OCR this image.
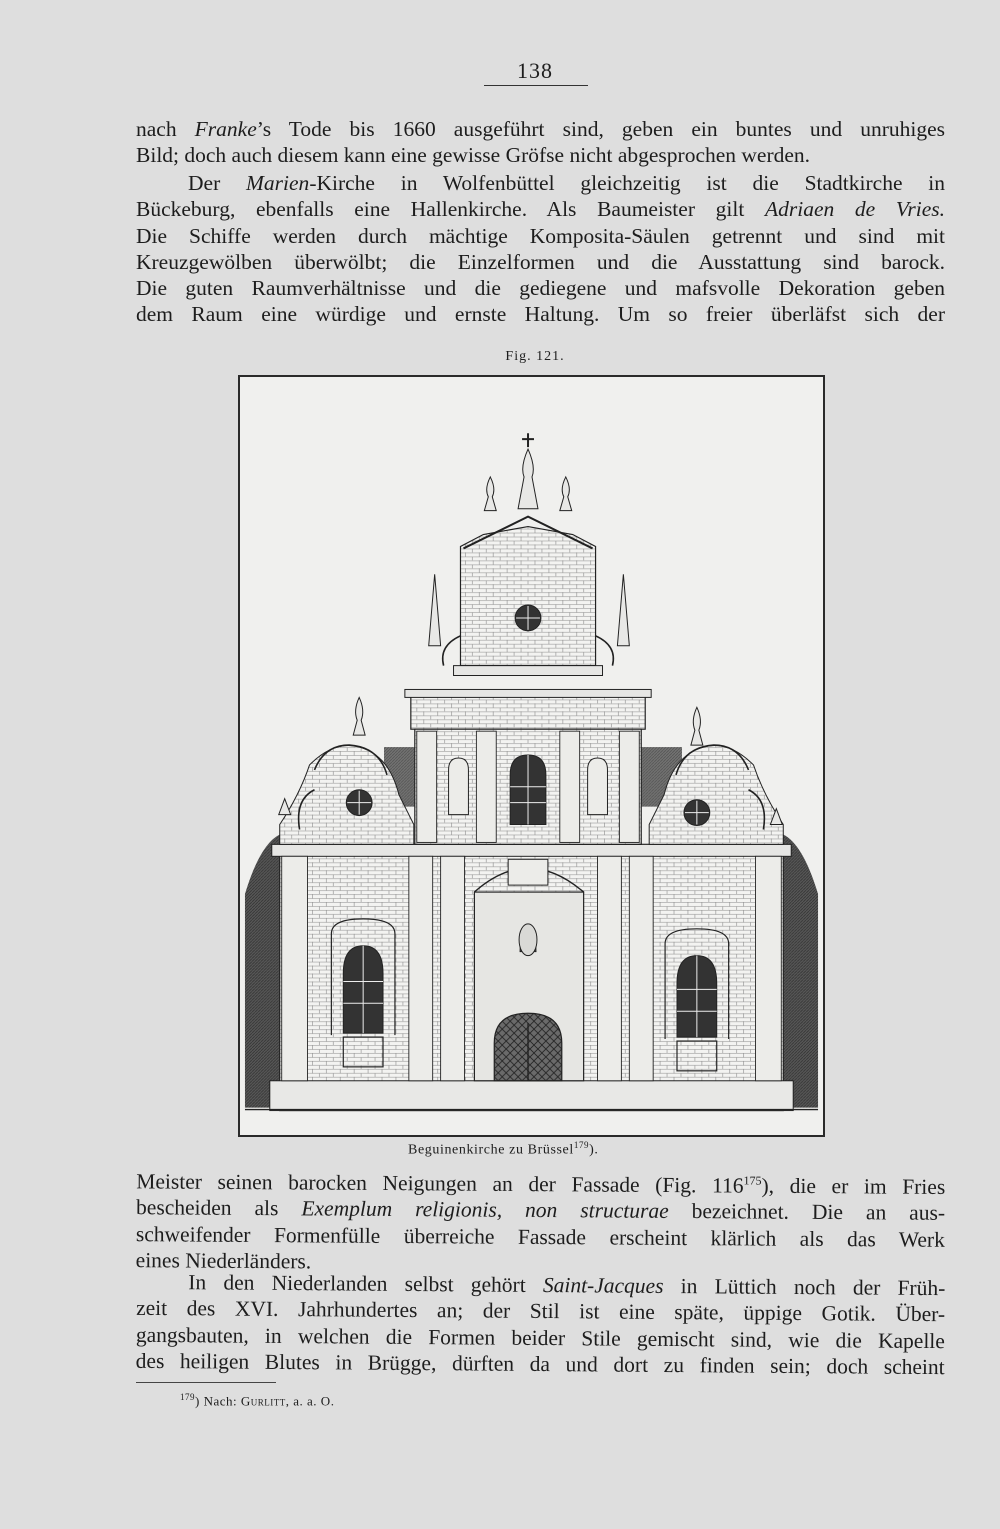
138
nach Franke’s Tode bis 1660 ausgeführt sind, geben ein buntes und unruhiges
Bild; doch auch diesem kann eine gewisse Gröfse nicht abgesprochen werden.
Der Marien-Kirche in Wolfenbüttel gleichzeitig ist die Stadtkirche in
Bückeburg, ebenfalls eine Hallenkirche. Als Baumeister gilt Adriaen de Vries.
Die Schiffe werden durch mächtige Komposita-Säulen getrennt und sind mit
Kreuzgewölben überwölbt; die Einzelformen und die Ausstattung sind barock.
Die guten Raumverhältnisse und die gediegene und mafsvolle Dekoration geben
dem Raum eine würdige und ernste Haltung. Um so freier überläfst sich der
Fig. 121.
Beguinenkirche zu Brüssel$^{179}$).
Meister seinen barocken Neigungen an der Fassade (Fig. $116^{175}$), die er im Fries
bescheiden als Exemplum religionis, non structurae bezeichnet. Die an aus-
schweifender Formenfülle überreiche Fassade erscheint klärlich als das Werk
eines Niederländers.
In den Niederlanden selbst gehört Saint-Jacques in Lüttich noch der Früh-
zeit des XVI. Jahrhundertes an; der Stil ist eine späte, üppige Gotik. Über-
gangsbauten, in welchen die Formen beider Stile gemischt sind, wie die Kapelle
des heiligen Blutes in Brügge, dürften da und dort zu finden sein; doch scheint
$^{179}$) Nach: Gurlitt, a. a. O.
